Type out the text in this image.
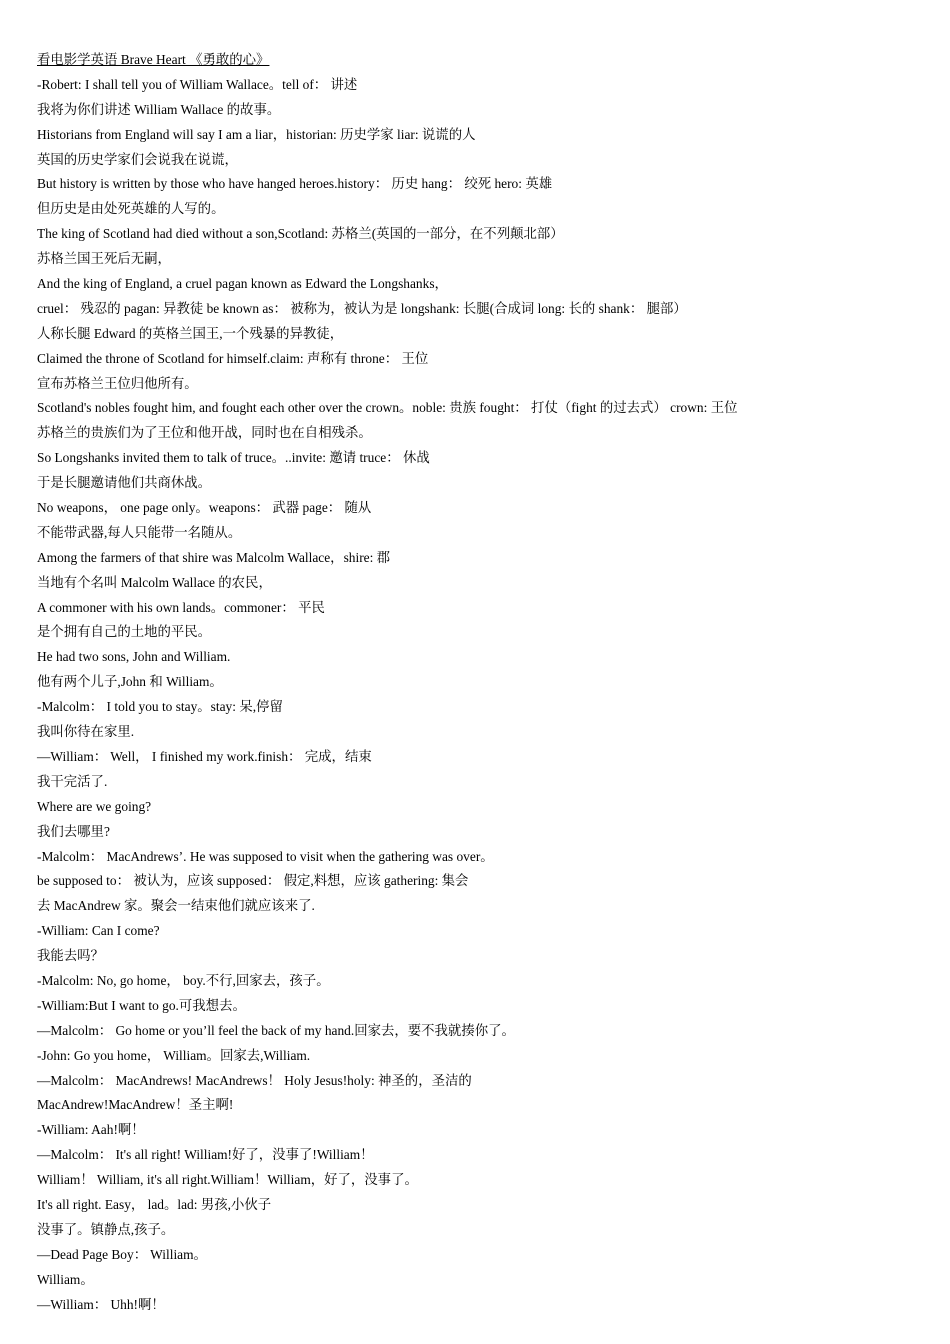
看电影学英语 Brave Heart 《勇敢的心》
-Robert: I shall tell you of William Wallace。tell of： 讲述
我将为你们讲述 William Wallace 的故事。
Historians from England will say I am a liar，historian: 历史学家 liar: 说谎的人
英国的历史学家们会说我在说谎，
But history is written by those who have hanged heroes.history： 历史 hang： 绞死 hero: 英雄
但历史是由处死英雄的人写的。
The king of Scotland had died without a son,Scotland: 苏格兰(英国的一部分，在不列颠北部）
苏格兰国王死后无嗣，
And the king of England, a cruel pagan known as Edward the Longshanks，
cruel： 残忍的 pagan: 异教徒 be known as： 被称为，被认为是 longshank: 长腿(合成词 long: 长的 shank： 腿部）
人称长腿 Edward 的英格兰国王,一个残暴的异教徒，
Claimed the throne of Scotland for himself.claim: 声称有 throne： 王位
宣布苏格兰王位归他所有。
Scotland's nobles fought him, and fought each other over the crown。noble: 贵族 fought： 打仗（fight 的过去式） crown: 王位
苏格兰的贵族们为了王位和他开战，同时也在自相残杀。
So Longshanks invited them to talk of truce。..invite: 邀请 truce： 休战
于是长腿邀请他们共商休战。
No weapons， one page only。weapons： 武器 page： 随从
不能带武器,每人只能带一名随从。
Among the farmers of that shire was Malcolm Wallace，shire: 郡
当地有个名叫 Malcolm Wallace 的农民，
A commoner with his own lands。commoner： 平民
是个拥有自己的土地的平民。
He had two sons, John and William.
他有两个儿子,John 和 William。
-Malcolm： I told you to stay。stay: 呆,停留
我叫你待在家里.
—William： Well， I finished my work.finish： 完成，结束
我干完活了.
Where are we going?
我们去哪里?
-Malcolm： MacAndrews’. He was supposed to visit when the gathering was over。
be supposed to： 被认为，应该 supposed： 假定,料想，应该 gathering: 集会
去 MacAndrew 家。聚会一结束他们就应该来了.
-William: Can I come?
我能去吗？
-Malcolm: No, go home， boy.不行,回家去，孩子。
-William:But I want to go.可我想去。
—Malcolm： Go home or you’ll feel the back of my hand.回家去，要不我就揍你了。
-John: Go you home， William。回家去,William.
—Malcolm： MacAndrews! MacAndrews！ Holy Jesus!holy: 神圣的，圣洁的
MacAndrew!MacAndrew！圣主啊!
-William: Aah!啊！
—Malcolm： It's all right! William!好了，没事了!William！
William！ William, it's all right.William！William，好了，没事了。
It's all right. Easy， lad。lad: 男孩,小伙子
没事了。镇静点,孩子。
—Dead Page Boy： William。
William。
—William： Uhh!啊！
